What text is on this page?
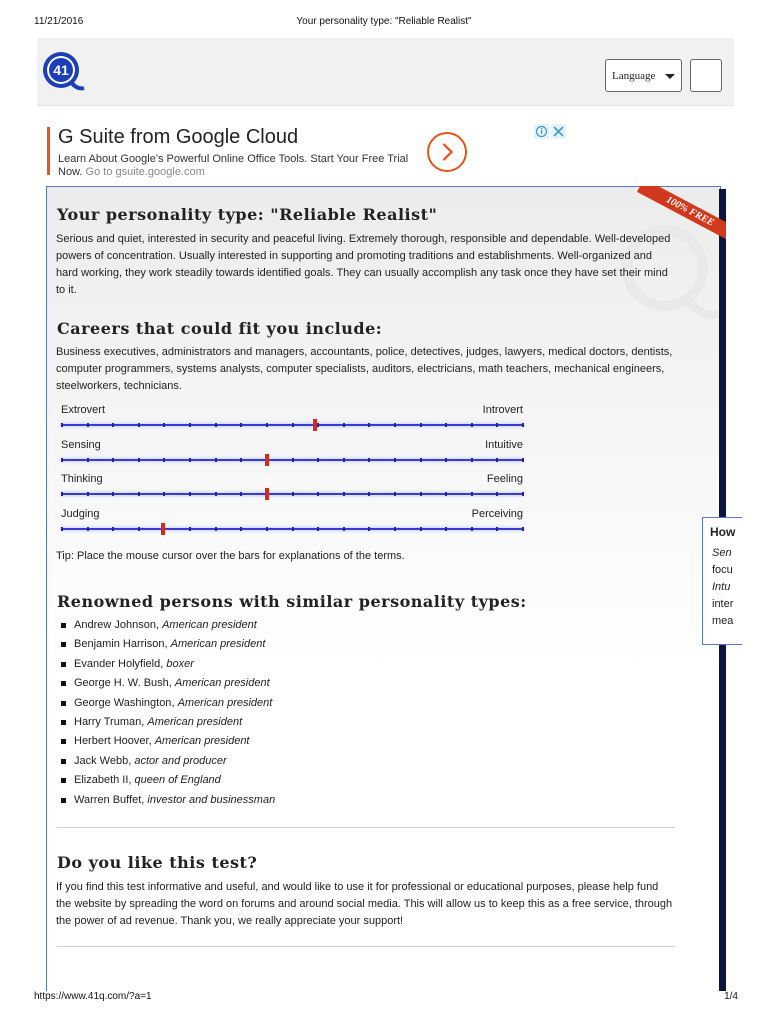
11/21/2016	Your personality type: "Reliable Realist"
41	Language
G Suite from Google Cloud
Learn About Google's Powerful Online Office Tools. Start Your Free Trial
Now. Go to gsuite.google.com
100% FREE
Your personality type: "Reliable Realist"

Serious and quiet, interested in security and peaceful living. Extremely thorough, responsible and dependable. Well-developed powers of concentration. Usually interested in supporting and promoting traditions and establishments. Well-organized and hard working, they work steadily towards identified goals. They can usually accomplish any task once they have set their mind to it.

Careers that could fit you include:

Business executives, administrators and managers, accountants, police, detectives, judges, lawyers, medical doctors, dentists, computer programmers, systems analysts, computer specialists, auditors, electricians, math teachers, mechanical engineers, steelworkers, technicians.

Extrovert	Introvert
Sensing	Intuitive
Thinking	Feeling
Judging	Perceiving
Tip: Place the mouse cursor over the bars for explanations of the terms.
Renowned persons with similar personality types:
Andrew Johnson, American president
Benjamin Harrison, American president
Evander Holyfield, boxer
George H. W. Bush, American president
George Washington, American president
Harry Truman, American president
Herbert Hoover, American president
Jack Webb, actor and producer
Elizabeth II, queen of England
Warren Buffet, investor and businessman
Do you like this test?

If you find this test informative and useful, and would like to use it for professional or educational purposes, please help fund the website by spreading the word on forums and around social media. This will allow us to keep this as a free service, through the power of ad revenue. Thank you, we really appreciate your support!

How
Sen
focu
Intu
inter
mea
https://www.41q.com/?a=1	1/4
